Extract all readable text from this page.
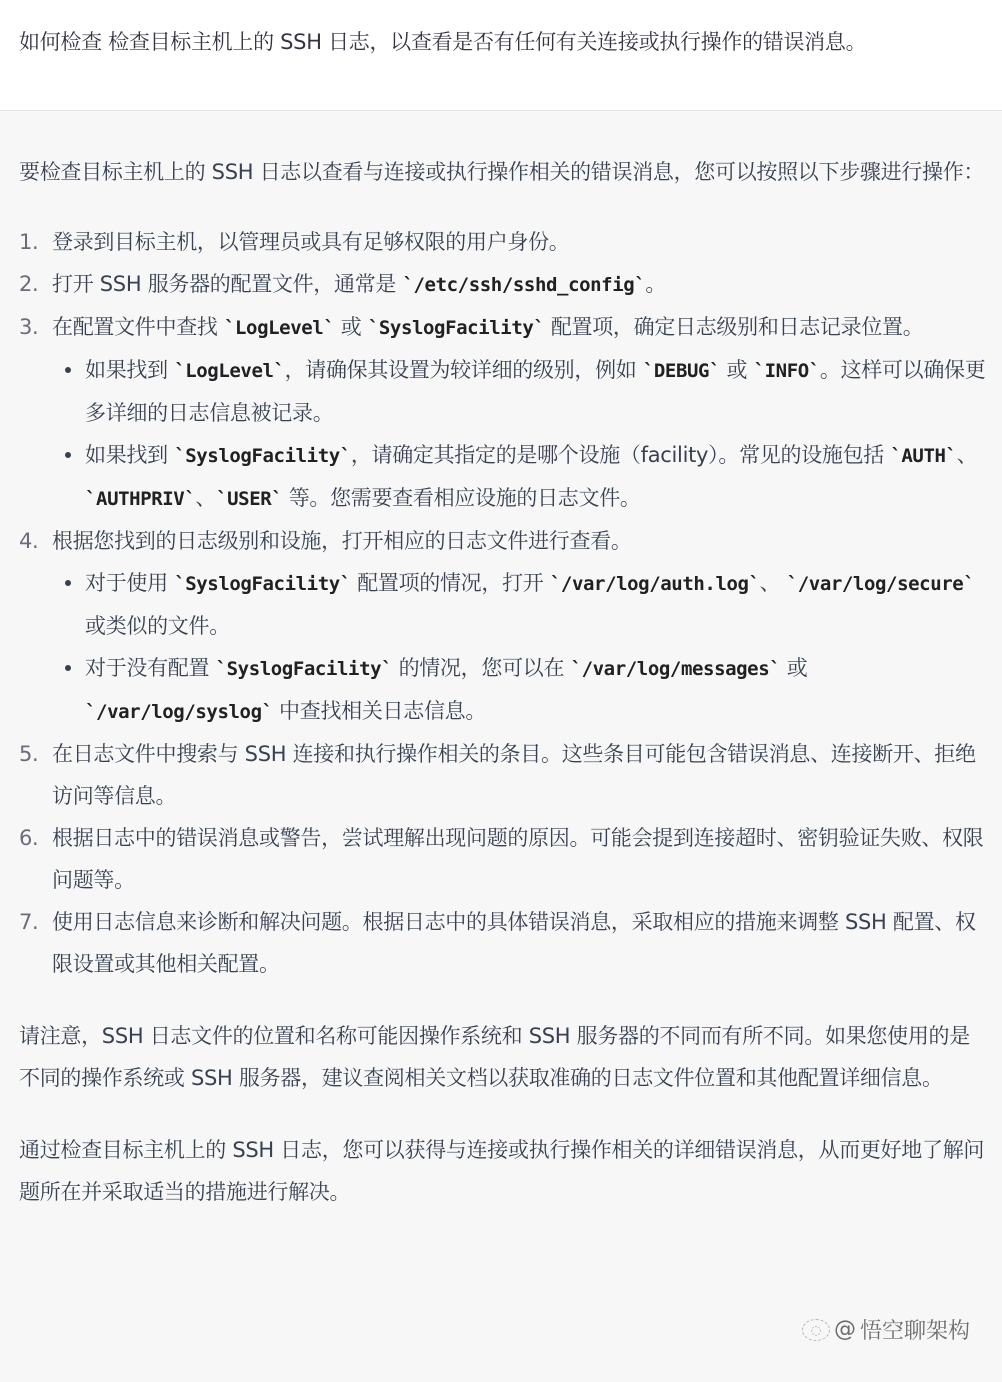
如何检查 检查目标主机上的 SSH 日志，以查看是否有任何有关连接或执行操作的错误消息。

要检查目标主机上的 SSH 日志以查看与连接或执行操作相关的错误消息，您可以按照以下步骤进行操作：

1. 登录到目标主机，以管理员或具有足够权限的用户身份。
2. 打开 SSH 服务器的配置文件，通常是 `/etc/ssh/sshd_config`。
3. 在配置文件中查找 `LogLevel` 或 `SyslogFacility` 配置项，确定日志级别和日志记录位置。
如果找到 `LogLevel`，请确保其设置为较详细的级别，例如 `DEBUG` 或 `INFO`。这样可以确保更多详细的日志信息被记录。
如果找到 `SyslogFacility`，请确定其指定的是哪个设施（facility）。常见的设施包括 `AUTH`、`AUTHPRIV`、`USER` 等。您需要查看相应设施的日志文件。
4. 根据您找到的日志级别和设施，打开相应的日志文件进行查看。
对于使用 `SyslogFacility` 配置项的情况，打开 `/var/log/auth.log`、 `/var/log/secure` 或类似的文件。
对于没有配置 `SyslogFacility` 的情况，您可以在 `/var/log/messages` 或 `/var/log/syslog` 中查找相关日志信息。
5. 在日志文件中搜索与 SSH 连接和执行操作相关的条目。这些条目可能包含错误消息、连接断开、拒绝访问等信息。
6. 根据日志中的错误消息或警告，尝试理解出现问题的原因。可能会提到连接超时、密钥验证失败、权限问题等。
7. 使用日志信息来诊断和解决问题。根据日志中的具体错误消息，采取相应的措施来调整 SSH 配置、权限设置或其他相关配置。

请注意，SSH 日志文件的位置和名称可能因操作系统和 SSH 服务器的不同而有所不同。如果您使用的是不同的操作系统或 SSH 服务器，建议查阅相关文档以获取准确的日志文件位置和其他配置详细信息。

通过检查目标主机上的 SSH 日志，您可以获得与连接或执行操作相关的详细错误消息，从而更好地了解问题所在并采取适当的措施进行解决。

◌ @ 悟空聊架构
